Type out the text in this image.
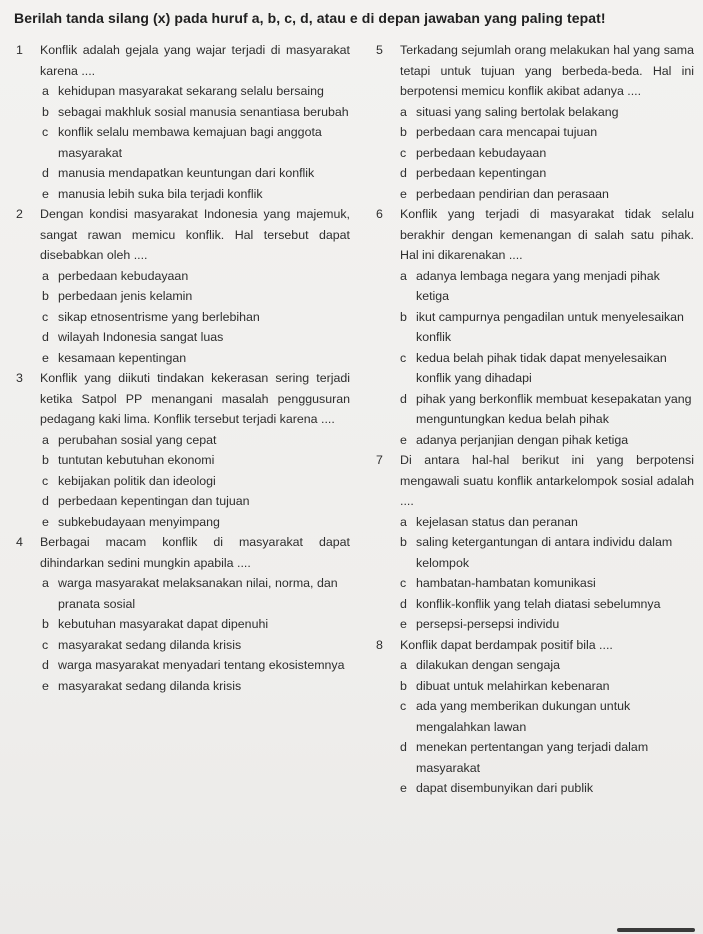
Berilah tanda silang (x) pada huruf a, b, c, d, atau e di depan jawaban yang paling tepat!
1	Konflik adalah gejala yang wajar terjadi di masyarakat karena ....
a kehidupan masyarakat sekarang selalu bersaing
b sebagai makhluk sosial manusia senantiasa berubah
c konflik selalu membawa kemajuan bagi anggota masyarakat
d manusia mendapatkan keuntungan dari konflik
e manusia lebih suka bila terjadi konflik
2	Dengan kondisi masyarakat Indonesia yang majemuk, sangat rawan memicu konflik. Hal tersebut dapat disebabkan oleh ....
a perbedaan kebudayaan
b perbedaan jenis kelamin
c sikap etnosentrisme yang berlebihan
d wilayah Indonesia sangat luas
e kesamaan kepentingan
3	Konflik yang diikuti tindakan kekerasan sering terjadi ketika Satpol PP menangani masalah penggusuran pedagang kaki lima. Konflik tersebut terjadi karena ....
a perubahan sosial yang cepat
b tuntutan kebutuhan ekonomi
c kebijakan politik dan ideologi
d perbedaan kepentingan dan tujuan
e subkebudayaan menyimpang
4	Berbagai macam konflik di masyarakat dapat dihindarkan sedini mungkin apabila ....
a warga masyarakat melaksanakan nilai, norma, dan pranata sosial
b kebutuhan masyarakat dapat dipenuhi
c masyarakat sedang dilanda krisis
d warga masyarakat menyadari tentang ekosistemnya
e masyarakat sedang dilanda krisis
5	Terkadang sejumlah orang melakukan hal yang sama tetapi untuk tujuan yang berbeda-beda. Hal ini berpotensi memicu konflik akibat adanya ....
a situasi yang saling bertolak belakang
b perbedaan cara mencapai tujuan
c perbedaan kebudayaan
d perbedaan kepentingan
e perbedaan pendirian dan perasaan
6	Konflik yang terjadi di masyarakat tidak selalu berakhir dengan kemenangan di salah satu pihak. Hal ini dikarenakan ....
a adanya lembaga negara yang menjadi pihak ketiga
b ikut campurnya pengadilan untuk menyelesaikan konflik
c kedua belah pihak tidak dapat menyelesaikan konflik yang dihadapi
d pihak yang berkonflik membuat kesepakatan yang menguntungkan kedua belah pihak
e adanya perjanjian dengan pihak ketiga
7	Di antara hal-hal berikut ini yang berpotensi mengawali suatu konflik antarkelompok sosial adalah ....
a kejelasan status dan peranan
b saling ketergantungan di antara individu dalam kelompok
c hambatan-hambatan komunikasi
d konflik-konflik yang telah diatasi sebelumnya
e persepsi-persepsi individu
8	Konflik dapat berdampak positif bila ....
a dilakukan dengan sengaja
b dibuat untuk melahirkan kebenaran
c ada yang memberikan dukungan untuk mengalahkan lawan
d menekan pertentangan yang terjadi dalam masyarakat
e dapat disembunyikan dari publik
